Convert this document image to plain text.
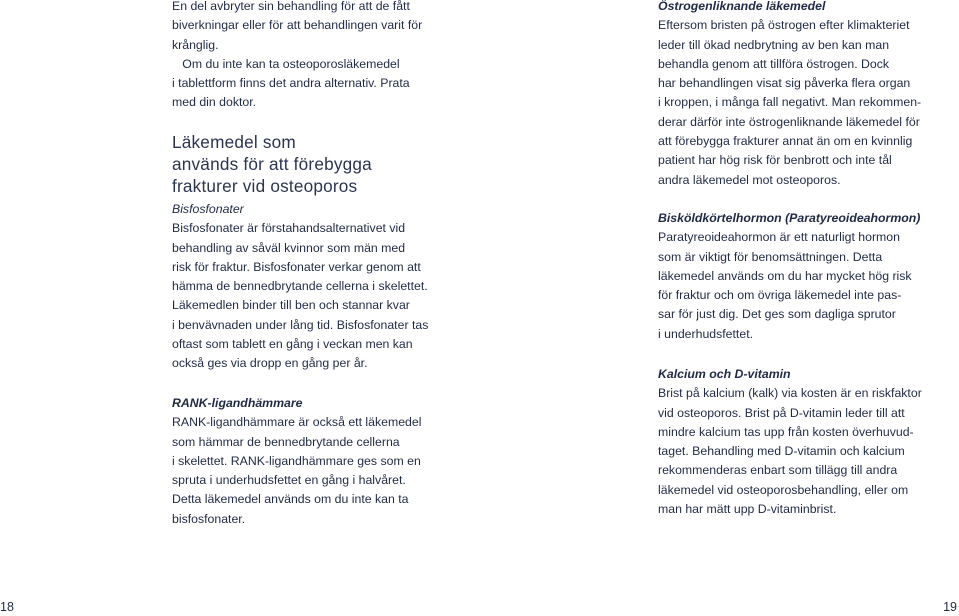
En del avbryter sin behandling för att de fått
biverkningar eller för att behandlingen varit för
krånglig.
Om du inte kan ta osteoporosläkemedel
i tablettform finns det andra alternativ. Prata
med din doktor.
Läkemedel som
används för att förebygga
frakturer vid osteoporos
Bisfosfonater
Bisfosfonater är förstahandsalternativet vid
behandling av såväl kvinnor som män med
risk för fraktur. Bisfosfonater verkar genom att
hämma de bennedbrytande cellerna i skelettet.
Läkemedlen binder till ben och stannar kvar
i benvävnaden under lång tid. Bisfosfonater tas
oftast som tablett en gång i veckan men kan
också ges via dropp en gång per år.
RANK-ligandhämmare
RANK-ligandhämmare är också ett läkemedel
som hämmar de bennedbrytande cellerna
i skelettet. RANK-ligandhämmare ges som en
spruta i underhudsfettet en gång i halvåret.
Detta läkemedel används om du inte kan ta
bisfosfonater.
Östrogenliknande läkemedel
Eftersom bristen på östrogen efter klimakteriet
leder till ökad nedbrytning av ben kan man
behandla genom att tillföra östrogen. Dock
har behandlingen visat sig påverka flera organ
i kroppen, i många fall negativt. Man rekommen-
derar därför inte östrogenliknande läkemedel för
att förebygga frakturer annat än om en kvinnlig
patient har hög risk för benbrott och inte tål
andra läkemedel mot osteoporos.
Bisköldkörtelhormon (Paratyreoideahormon)
Paratyreoideahormon är ett naturligt hormon
som är viktigt för benomsättningen. Detta
läkemedel används om du har mycket hög risk
för fraktur och om övriga läkemedel inte pas-
sar för just dig. Det ges som dagliga sprutor
i underhudsfettet.
Kalcium och D-vitamin
Brist på kalcium (kalk) via kosten är en riskfaktor
vid osteoporos. Brist på D-vitamin leder till att
mindre kalcium tas upp från kosten överhuvud-
taget. Behandling med D-vitamin och kalcium
rekommenderas enbart som tillägg till andra
läkemedel vid osteoporosbehandling, eller om
man har mätt upp D-vitaminbrist.
18	19
